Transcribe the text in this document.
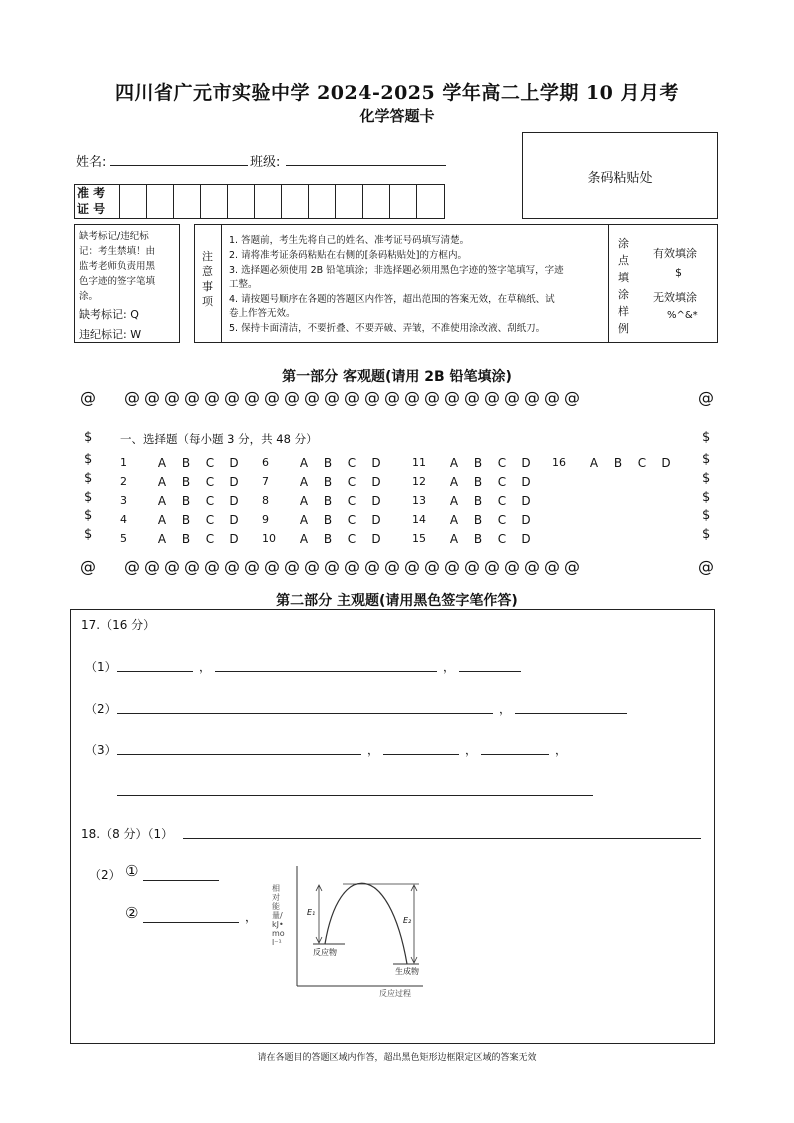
四川省广元市实验中学 2024-2025 学年高二上学期 10 月月考
化学答题卡
姓名:	班级:
准 考
证 号
条码粘贴处
缺考标记/违纪标
记：考生禁填！由
监考老师负责用黑
色字迹的签字笔填
涂。
缺考标记: Q
违纪标记: W
注意事项
1. 答题前，考生先将自己的姓名、准考证号码填写清楚。
2. 请将准考证条码粘贴在右侧的[条码粘贴处]的方框内。
3. 选择题必须使用 2B 铅笔填涂；非选择题必须用黑色字迹的签字笔填写，字迹
工整。
4. 请按题号顺序在各题的答题区内作答，超出范围的答案无效，在草稿纸、试
卷上作答无效。
5. 保持卡面清洁，不要折叠、不要弄破、弄皱，不准使用涂改液、刮纸刀。
涂
点
填
涂
样
例
有效填涂
$
无效填涂
%^&*
第一部分 客观题(请用 2B 铅笔填涂)
@ @@@@@@@@@@@@@@@@@@@@@@@	@
$
$
$
$
$
$
$
$
$
$
$
$
一、选择题（每小题 3 分，共 48 分）
1	A	B	C	D
2	A	B	C	D
3	A	B	C	D
4	A	B	C	D
5	A	B	C	D
6	A	B	C	D
7	A	B	C	D
8	A	B	C	D
9	A	B	C	D
10	A	B	C	D
11	A	B	C	D
12	A	B	C	D
13	A	B	C	D
14	A	B	C	D
15	A	B	C	D
16	A	B	C	D
@ @@@@@@@@@@@@@@@@@@@@@@@	@
第二部分 主观题(请用黑色签字笔作答)
17.（16 分）
（1）	，	，
（2）	，
（3）	，	，	，
18.（8 分）（1）
（2） ①
②	，
相对能量/kJ•mol⁻¹
E₁
E₂
反应物
生成物
反应过程
请在各题目的答题区域内作答，超出黑色矩形边框限定区域的答案无效
